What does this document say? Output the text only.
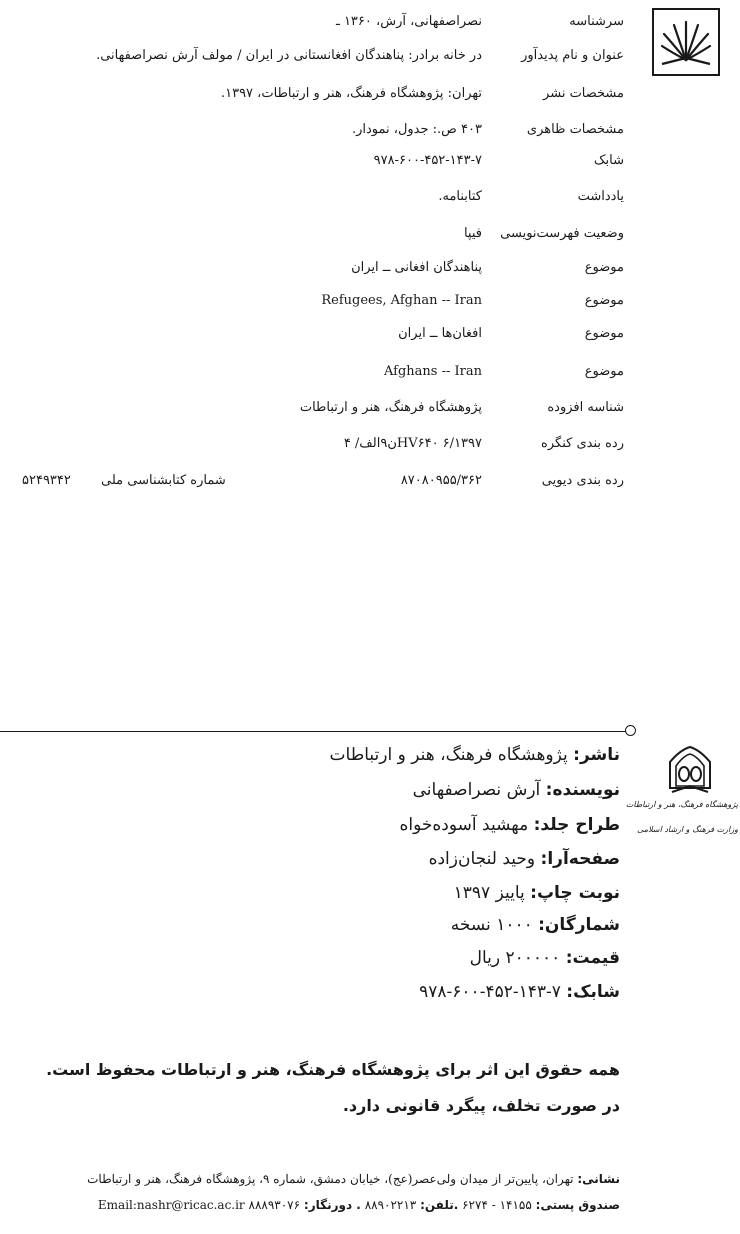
سرشناسه
نصراصفهانی، آرش، ۱۳۶۰ ـ
عنوان و نام پدیدآور
در خانه برادر: پناهندگان افغانستانی در ایران / مولف آرش نصراصفهانی.
مشخصات نشر
تهران: پژوهشگاه فرهنگ، هنر و ارتباطات، ۱۳۹۷.
مشخصات ظاهری
۴۰۳ ص.: جدول، نمودار.
شابک
۹۷۸-۶۰۰-۴۵۲-۱۴۳-۷
یادداشت
کتابنامه.
وضعیت فهرست‌نویسی
فیپا
موضوع
پناهندگان افغانی ــ ایران
موضوع
Refugees, Afghan -- Iran
موضوع
افغان‌ها ــ ایران
موضوع
Afghans -- Iran
شناسه افزوده
پژوهشگاه فرهنگ، هنر و ارتباطات
رده بندی کنگره
۱۳۹۷/HV۶۴۰ ۶ن۹الف/ ۴
رده بندی دیویی
۸۷۰۸۰۹۵۵/۳۶۲
شماره کتابشناسی ملی ۵۲۴۹۳۴۲
پژوهشگاه فرهنگ، هنر و ارتباطات
وزارت فرهنگ و ارشاد اسلامی
ناشر: پژوهشگاه فرهنگ، هنر و ارتباطات
نویسنده: آرش نصراصفهانی
طراح جلد: مهشید آسوده‌خواه
صفحه‌آرا: وحید لنجان‌زاده
نوبت چاپ: پاییز ۱۳۹۷
شمارگان: ۱۰۰۰ نسخه
قیمت: ۲۰۰۰۰۰ ریال
شابک: ۷-۱۴۳-۴۵۲-۶۰۰-۹۷۸
همه حقوق این اثر برای پژوهشگاه فرهنگ، هنر و ارتباطات محفوظ است.
در صورت تخلف، پیگرد قانونی دارد.
نشانی: تهران، پایین‌تر از میدان ولی‌عصر(عج)، خیابان دمشق، شماره ۹، پژوهشگاه فرهنگ، هنر و ارتباطات
صندوق پستی: ۱۴۱۵۵ - ۶۲۷۴ .تلفن: ۸۸۹۰۲۲۱۳ . دورنگار: ۸۸۸۹۳۰۷۶ Email:nashr@ricac.ac.ir
